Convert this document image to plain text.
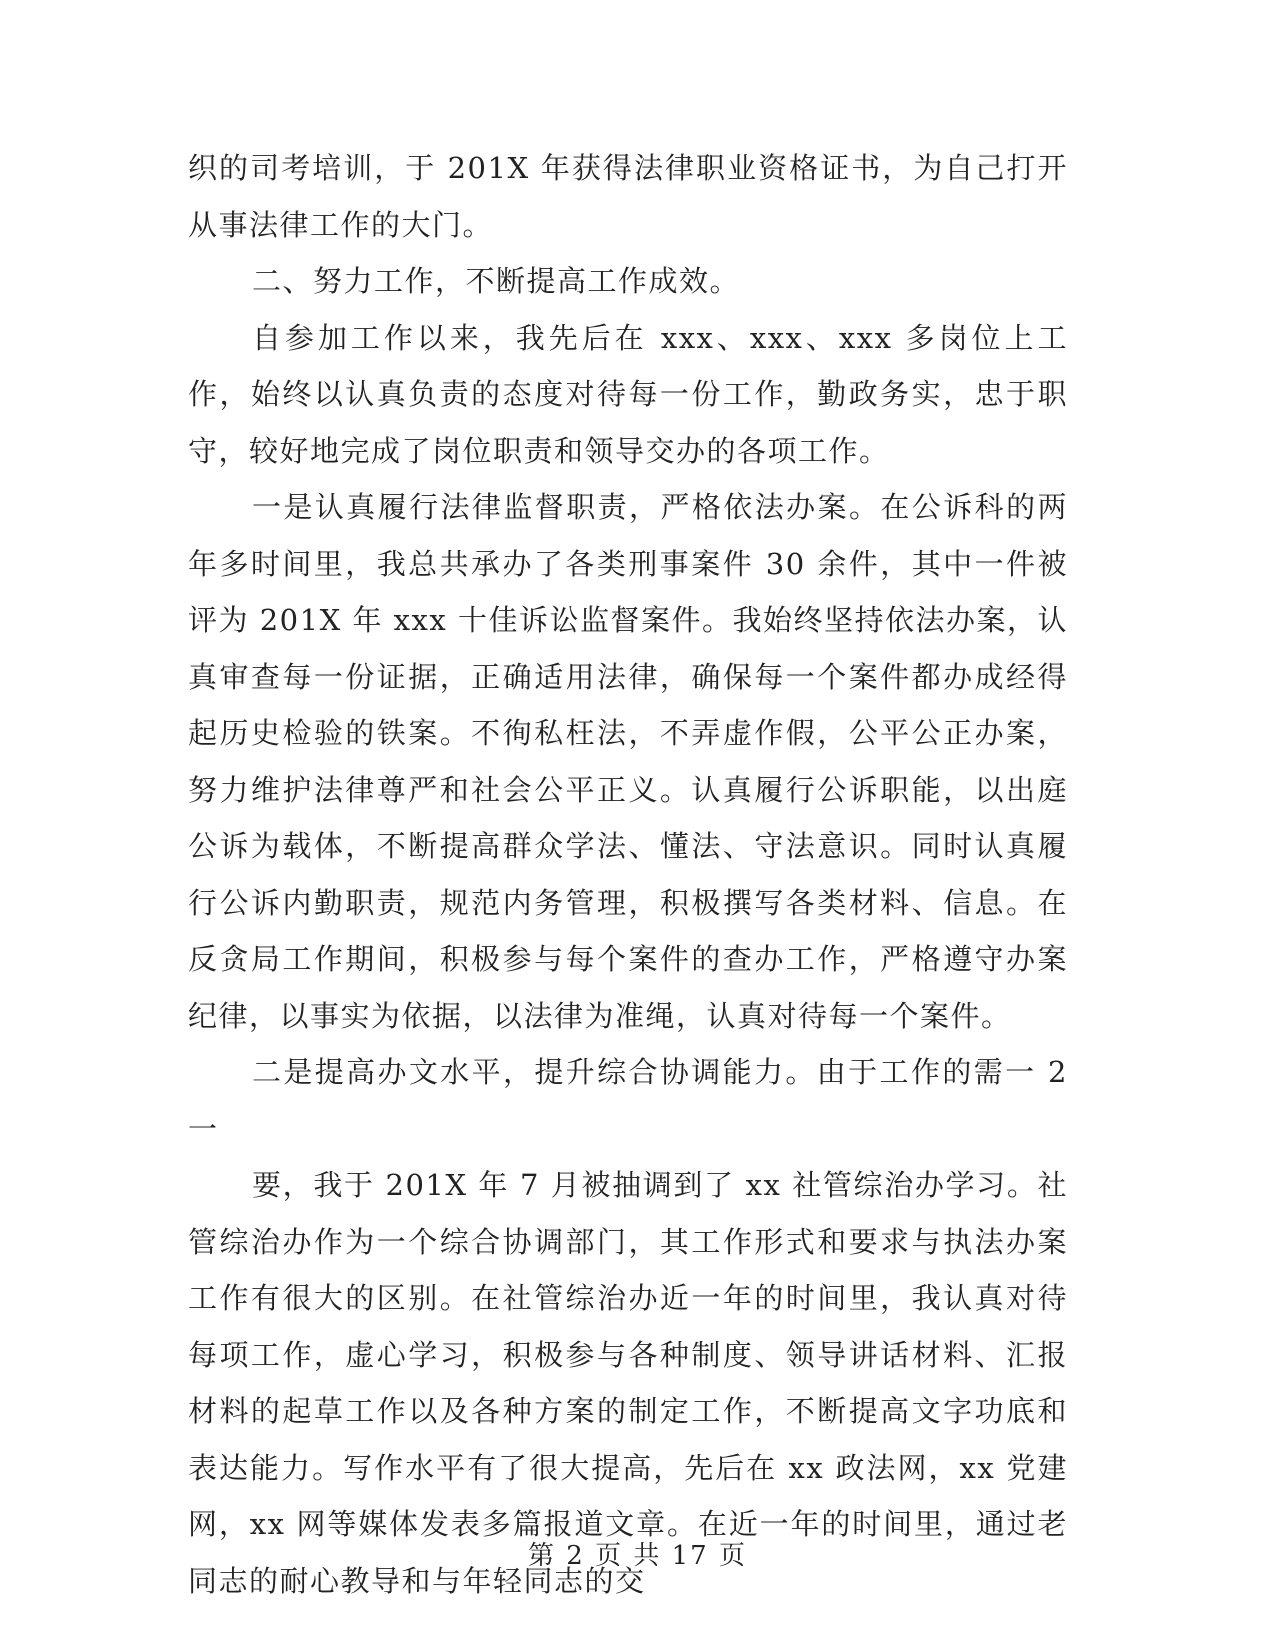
织的司考培训，于 201X 年获得法律职业资格证书，为自己打开从事法律工作的大门。

二、努力工作，不断提高工作成效。

自参加工作以来，我先后在 xxx、xxx、xxx 多岗位上工作，始终以认真负责的态度对待每一份工作，勤政务实，忠于职守，较好地完成了岗位职责和领导交办的各项工作。

一是认真履行法律监督职责，严格依法办案。在公诉科的两年多时间里，我总共承办了各类刑事案件 30 余件，其中一件被评为 201X 年 xxx 十佳诉讼监督案件。我始终坚持依法办案，认真审查每一份证据，正确适用法律，确保每一个案件都办成经得起历史检验的铁案。不徇私枉法，不弄虚作假，公平公正办案，努力维护法律尊严和社会公平正义。认真履行公诉职能，以出庭公诉为载体，不断提高群众学法、懂法、守法意识。同时认真履行公诉内勤职责，规范内务管理，积极撰写各类材料、信息。在反贪局工作期间，积极参与每个案件的查办工作，严格遵守办案纪律，以事实为依据，以法律为准绳，认真对待每一个案件。

二是提高办文水平，提升综合协调能力。由于工作的需一 2 一

要，我于 201X 年 7 月被抽调到了 xx 社管综治办学习。社管综治办作为一个综合协调部门，其工作形式和要求与执法办案工作有很大的区别。在社管综治办近一年的时间里，我认真对待每项工作，虚心学习，积极参与各种制度、领导讲话材料、汇报材料的起草工作以及各种方案的制定工作，不断提高文字功底和表达能力。写作水平有了很大提高，先后在 xx 政法网，xx 党建网，xx 网等媒体发表多篇报道文章。在近一年的时间里，通过老同志的耐心教导和与年轻同志的交

第 2 页 共 17 页
